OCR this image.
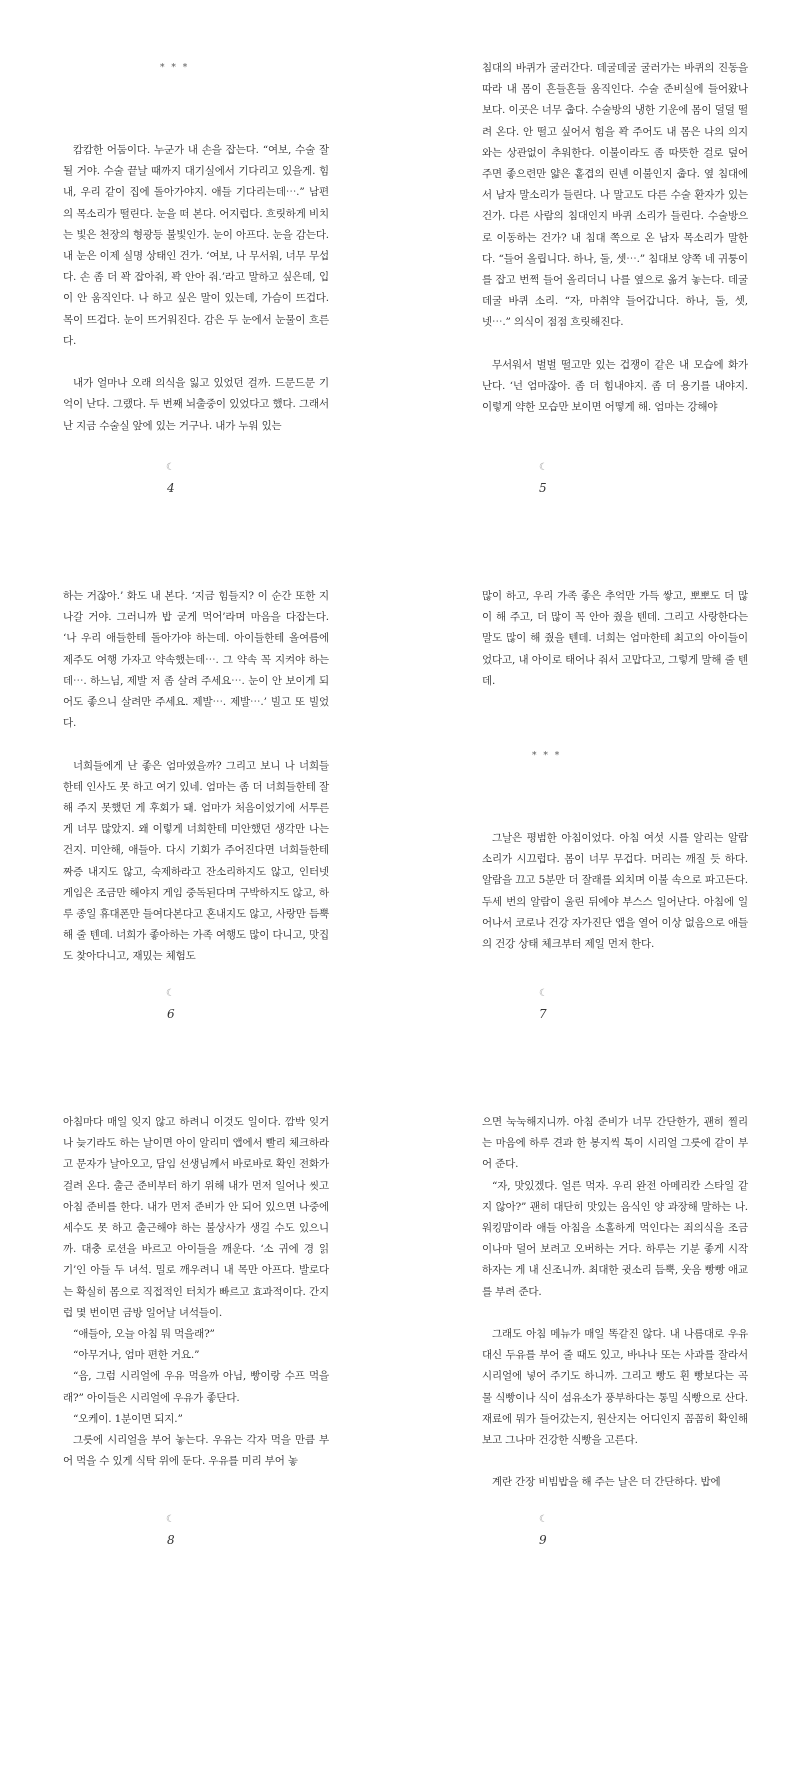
* * *

캄캄한 어둠이다. 누군가 내 손을 잡는다. “여보, 수술 잘될 거야. 수술 끝날 때까지 대기실에서 기다리고 있을게. 힘내, 우리 같이 집에 돌아가야지. 애들 기다리는데⋯.” 남편의 목소리가 떨린다. 눈을 떠 본다. 어지럽다. 흐릿하게 비치는 빛은 천장의 형광등 불빛인가. 눈이 아프다. 눈을 감는다. 내 눈은 이제 실명 상태인 건가. ‘여보, 나 무서워, 너무 무섭다. 손 좀 더 꽉 잡아줘, 꽉 안아 줘.’라고 말하고 싶은데, 입이 안 움직인다. 나 하고 싶은 말이 있는데, 가슴이 뜨겁다. 목이 뜨겁다. 눈이 뜨거워진다. 감은 두 눈에서 눈물이 흐른다.

내가 얼마나 오래 의식을 잃고 있었던 걸까. 드문드문 기억이 난다. 그랬다. 두 번째 뇌출중이 있었다고 했다. 그래서 난 지금 수술실 앞에 있는 거구나. 내가 누워 있는

☾
4

침대의 바퀴가 굴러간다. 데굴데굴 굴러가는 바퀴의 진동을 따라 내 몸이 흔들흔들 움직인다. 수술 준비실에 들어왔나 보다. 이곳은 너무 춥다. 수술방의 냉한 기운에 몸이 덜덜 떨려 온다. 안 떨고 싶어서 힘을 꽉 주어도 내 몸은 나의 의지와는 상관없이 추워한다. 이불이라도 좀 따뜻한 걸로 덮어 주면 좋으련만 얇은 홑겹의 린넨 이불인지 춥다. 옆 침대에서 남자 말소리가 들린다. 나 말고도 다른 수술 환자가 있는 건가. 다른 사람의 침대인지 바퀴 소리가 들린다. 수술방으로 이동하는 건가? 내 침대 쪽으로 온 남자 목소리가 말한다. “들어 올립니다. 하나, 둘, 셋⋯.” 침대보 양쪽 네 귀퉁이를 잡고 번쩍 들어 올리더니 나를 옆으로 옮겨 놓는다. 데굴데굴 바퀴 소리. “자, 마취약 들어갑니다. 하나, 둘, 셋, 넷⋯.” 의식이 점점 흐릿해진다.

무서워서 벌벌 떨고만 있는 겁쟁이 같은 내 모습에 화가 난다. ‘넌 엄마잖아. 좀 더 힘내야지. 좀 더 용기를 내야지. 이렇게 약한 모습만 보이면 어떻게 해. 엄마는 강해야

☾
5

하는 거잖아.’ 화도 내 본다. ‘지금 힘들지? 이 순간 또한 지나갈 거야. 그러니까 밥 굳게 먹어’라며 마음을 다잡는다. ‘나 우리 애들한테 돌아가야 하는데. 아이들한테 올여름에 제주도 여행 가자고 약속했는데⋯. 그 약속 꼭 지켜야 하는데⋯. 하느님, 제발 저 좀 살려 주세요⋯. 눈이 안 보이게 되어도 좋으니 살려만 주세요. 제발⋯. 제발⋯.’ 빌고 또 빌었다.

너희들에게 난 좋은 엄마였을까? 그리고 보니 나 너희들한테 인사도 못 하고 여기 있네. 엄마는 좀 더 너희들한테 잘해 주지 못했던 게 후회가 돼. 엄마가 처음이었기에 서투른 게 너무 많았지. 왜 이렇게 너희한테 미안했던 생각만 나는 건지. 미안해, 애들아. 다시 기회가 주어진다면 너희들한테 짜증 내지도 않고, 숙제하라고 잔소리하지도 않고, 인터넷 게임은 조금만 해야지 게임 중독된다며 구박하지도 않고, 하루 종일 휴대폰만 들여다본다고 혼내지도 않고, 사랑만 듬뿍해 줄 텐데. 너희가 좋아하는 가족 여행도 많이 다니고, 맛집도 찾아다니고, 재밌는 체험도

☾
6

많이 하고, 우리 가족 좋은 추억만 가득 쌓고, 뽀뽀도 더 많이 해 주고, 더 많이 꼭 안아 줬을 텐데. 그리고 사랑한다는 말도 많이 해 줬을 텐데. 너희는 엄마한테 최고의 아이들이었다고, 내 아이로 태어나 줘서 고맙다고, 그렇게 말해 줄 텐데.

* * *

그날은 평범한 아침이었다. 아침 여섯 시를 알리는 알람 소리가 시끄럽다. 몸이 너무 무겁다. 머리는 깨질 듯 하다. 알람을 끄고 5분만 더 잘래를 외치며 이불 속으로 파고든다. 두세 번의 알람이 울린 뒤에야 부스스 일어난다. 아침에 일어나서 코로나 건강 자가진단 앱을 열어 이상 없음으로 애들의 건강 상태 체크부터 제일 먼저 한다.

☾
7

아침마다 매일 잊지 않고 하려니 이것도 일이다. 깜박 잊거나 늦기라도 하는 날이면 아이 알리미 앱에서 빨리 체크하라고 문자가 날아오고, 담임 선생님께서 바로바로 확인 전화가 걸려 온다. 출근 준비부터 하기 위해 내가 먼저 일어나 씻고 아침 준비를 한다. 내가 먼저 준비가 안 되어 있으면 나중에 세수도 못 하고 출근해야 하는 불상사가 생길 수도 있으니까. 대충 로션을 바르고 아이들을 깨운다. ‘소 귀에 경 읽기’인 아들 두 녀석. 밀로 깨우려니 내 목만 아프다. 발로다는 확실히 몸으로 직접적인 터치가 빠르고 효과적이다. 간지럽 몇 번이면 금방 일어날 녀석들이.

“애들아, 오늘 아침 뭐 먹을래?”

“아무거나, 엄마 편한 거요.”

“음, 그럼 시리얼에 우유 먹을까 아님, 빵이랑 수프 먹을래?” 아이들은 시리얼에 우유가 좋단다.

“오케이. 1분이면 되지.”

그릇에 시리얼을 부어 놓는다. 우유는 각자 먹을 만큼 부어 먹을 수 있게 식탁 위에 둔다. 우유를 미리 부어 놓

☾
8

으면 눅눅해지니까. 아침 준비가 너무 간단한가, 괜히 찔리는 마음에 하루 견과 한 봉지씩 톡이 시리얼 그릇에 같이 부어 준다.

“자, 맛있겠다. 얼른 먹자. 우리 완전 아메리칸 스타일 같지 않아?” 괜히 대단히 맛있는 음식인 양 과장해 말하는 나. 워킹맘이라 애들 아침을 소홀하게 먹인다는 죄의식을 조금이나마 덜어 보려고 오버하는 거다. 하루는 기분 좋게 시작하자는 게 내 신조니까. 최대한 귓소리 듬뿍, 웃음 빵빵 애교를 부려 준다.

그래도 아침 메뉴가 매일 똑같진 않다. 내 나름대로 우유 대신 두유를 부어 줄 때도 있고, 바나나 또는 사과를 잘라서 시리얼에 넣어 주기도 하니까. 그리고 빵도 흰 빵보다는 곡물 식빵이나 식이 섬유소가 풍부하다는 통밀 식빵으로 산다. 재료에 뭐가 들어갔는지, 원산지는 어디인지 꼼꼼히 확인해 보고 그나마 건강한 식빵을 고른다.

계란 간장 비빔밥을 해 주는 날은 더 간단하다. 밥에

☾
9
